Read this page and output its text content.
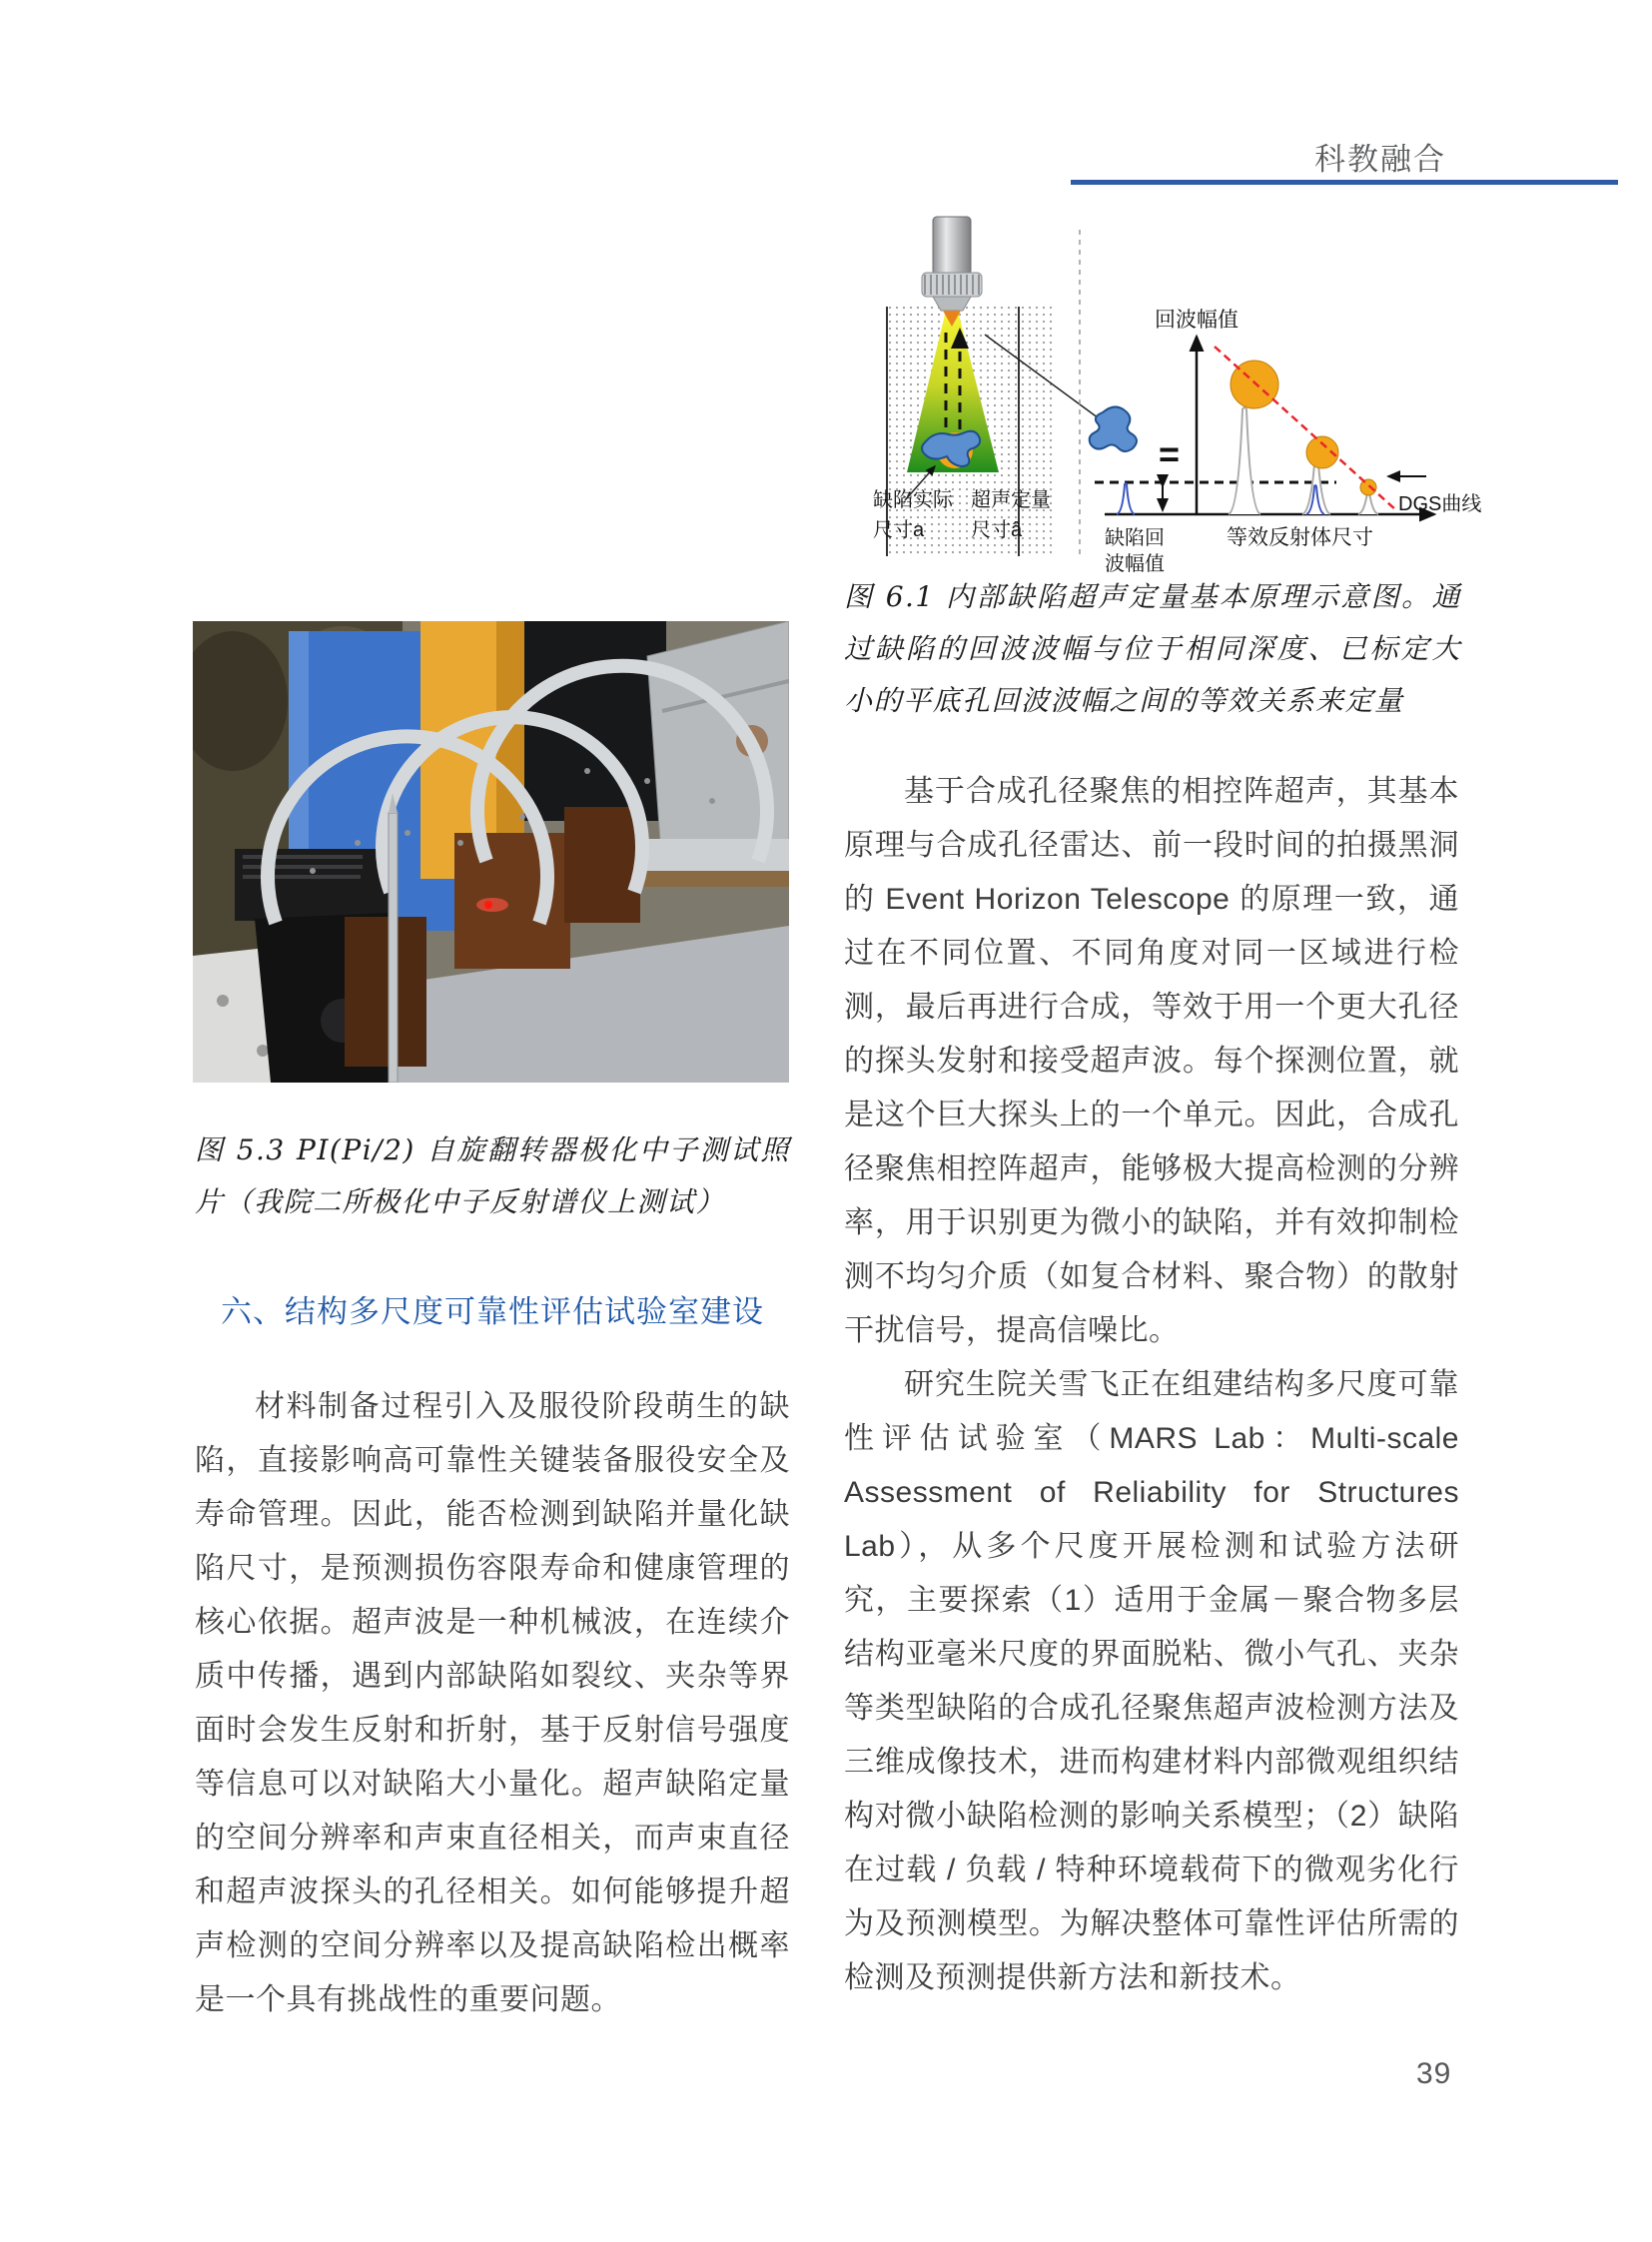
科教融合
缺陷实际
尺寸a
超声定量
尺寸â
回波幅值
等效反射体尺寸
=
缺陷回
波幅值
DGS曲线
图 6.1 内部缺陷超声定量基本原理示意图。通过缺陷的回波波幅与位于相同深度、已标定大小的平底孔回波波幅之间的等效关系来定量
图 5.3 PI(Pi/2) 自旋翻转器极化中子测试照片（我院二所极化中子反射谱仪上测试）
六、结构多尺度可靠性评估试验室建设

材料制备过程引入及服役阶段萌生的缺陷，直接影响高可靠性关键装备服役安全及寿命管理。因此，能否检测到缺陷并量化缺陷尺寸，是预测损伤容限寿命和健康管理的核心依据。超声波是一种机械波，在连续介质中传播，遇到内部缺陷如裂纹、夹杂等界面时会发生反射和折射，基于反射信号强度等信息可以对缺陷大小量化。超声缺陷定量的空间分辨率和声束直径相关，而声束直径和超声波探头的孔径相关。如何能够提升超声检测的空间分辨率以及提高缺陷检出概率是一个具有挑战性的重要问题。

基于合成孔径聚焦的相控阵超声，其基本原理与合成孔径雷达、前一段时间的拍摄黑洞的 Event Horizon Telescope 的原理一致，通过在不同位置、不同角度对同一区域进行检测，最后再进行合成，等效于用一个更大孔径的探头发射和接受超声波。每个探测位置，就是这个巨大探头上的一个单元。因此，合成孔径聚焦相控阵超声，能够极大提高检测的分辨率，用于识别更为微小的缺陷，并有效抑制检测不均匀介质（如复合材料、聚合物）的散射干扰信号，提高信噪比。

研究生院关雪飞正在组建结构多尺度可靠性评估试验室（MARS Lab：Multi-scale Assessment of Reliability for Structures Lab），从多个尺度开展检测和试验方法研究，主要探索（1）适用于金属－聚合物多层结构亚毫米尺度的界面脱粘、微小气孔、夹杂等类型缺陷的合成孔径聚焦超声波检测方法及三维成像技术，进而构建材料内部微观组织结构对微小缺陷检测的影响关系模型；（2）缺陷在过载 / 负载 / 特种环境载荷下的微观劣化行为及预测模型。为解决整体可靠性评估所需的检测及预测提供新方法和新技术。

39
